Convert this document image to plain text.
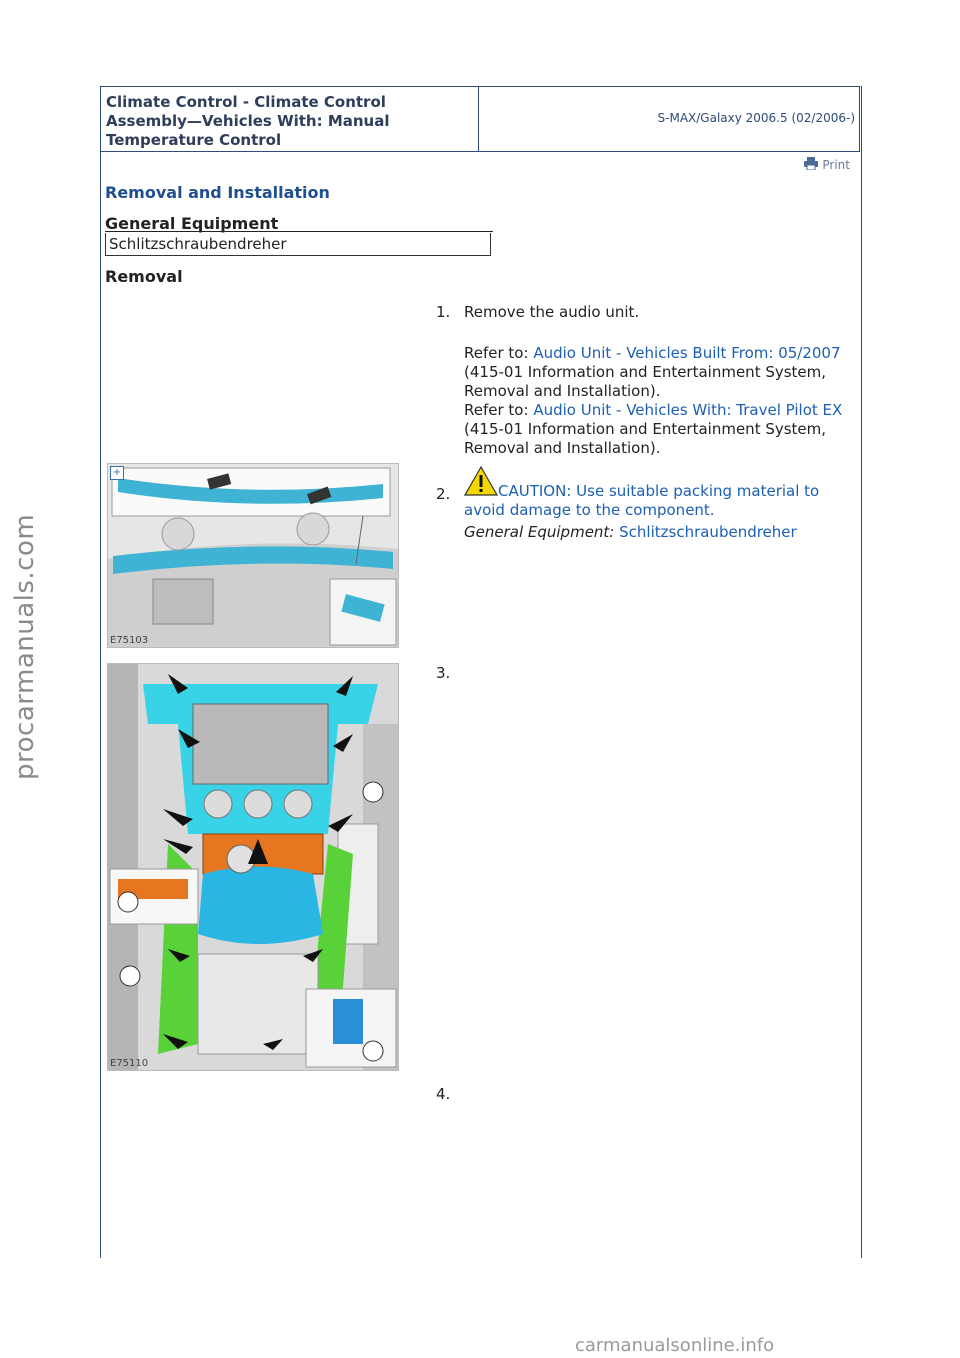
Climate Control - Climate Control
Assembly—Vehicles With: Manual
Temperature Control
S-MAX/Galaxy 2006.5 (02/2006-)
Print
Removal and Installation
General Equipment
Schlitzschraubendreher
Removal
1. Remove the audio unit.
Refer to: Audio Unit - Vehicles Built From: 05/2007 (415-01 Information and Entertainment System, Removal and Installation).
Refer to: Audio Unit - Vehicles With: Travel Pilot EX (415-01 Information and Entertainment System, Removal and Installation).
+
E75103
2.	CAUTION: Use suitable packing material to avoid damage to the component.
General Equipment: Schlitzschraubendreher
E75110
3.
4.
procarmanuals.com
carmanualsonline.info
